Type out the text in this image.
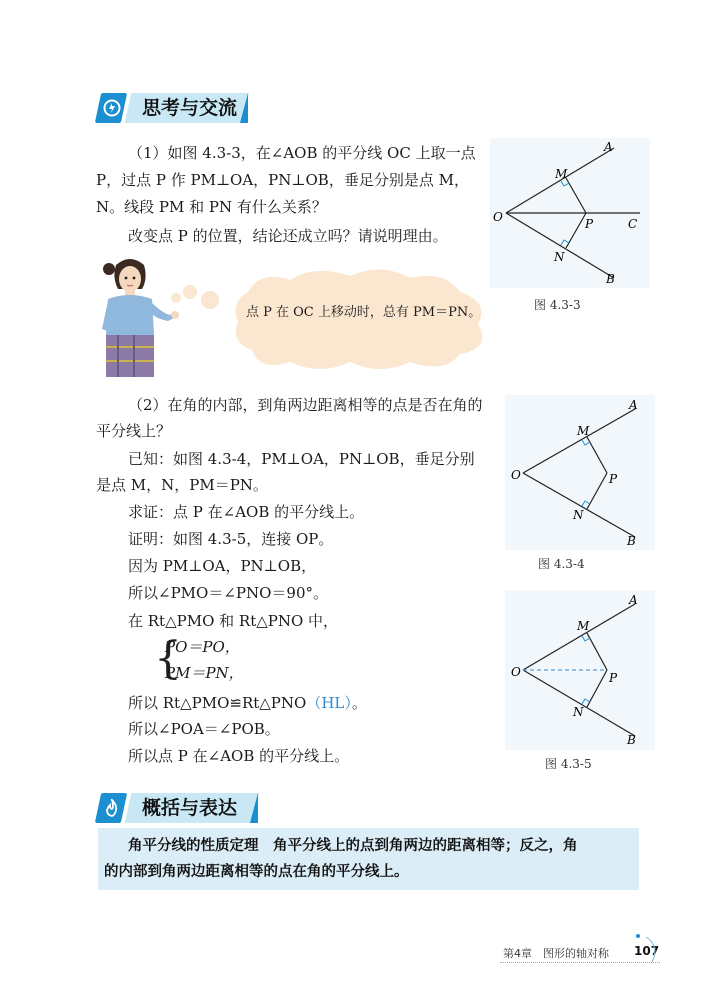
思考与交流
（1）如图 4.3-3，在∠AOB 的平分线 OC 上取一点
P，过点 P 作 PM⊥OA，PN⊥OB，垂足分别是点 M，
N。线段 PM 和 PN 有什么关系？
改变点 P 的位置，结论还成立吗？请说明理由。
A
B
C
O	P
M
N
图 4.3-3
点 P 在 OC 上移动时，总有 PM＝PN。
（2）在角的内部，到角两边距离相等的点是否在角的
平分线上？
已知：如图 4.3-4，PM⊥OA，PN⊥OB，垂足分别
是点 M，N，PM＝PN。
求证：点 P 在∠AOB 的平分线上。
证明：如图 4.3-5，连接 OP。
因为 PM⊥OA，PN⊥OB，
所以∠PMO＝∠PNO＝90°。
在 Rt△PMO 和 Rt△PNO 中，
{
PO＝PO，
PM＝PN，
所以 Rt△PMO≌Rt△PNO（HL）。
所以∠POA＝∠POB。
所以点 P 在∠AOB 的平分线上。
A
B
O	P
M
N
图 4.3-4
A
B
O	P
M
N
图 4.3-5
概括与表达
角平分线的性质定理　角平分线上的点到角两边的距离相等；反之，角
的内部到角两边距离相等的点在角的平分线上。
第4章　图形的轴对称 107
